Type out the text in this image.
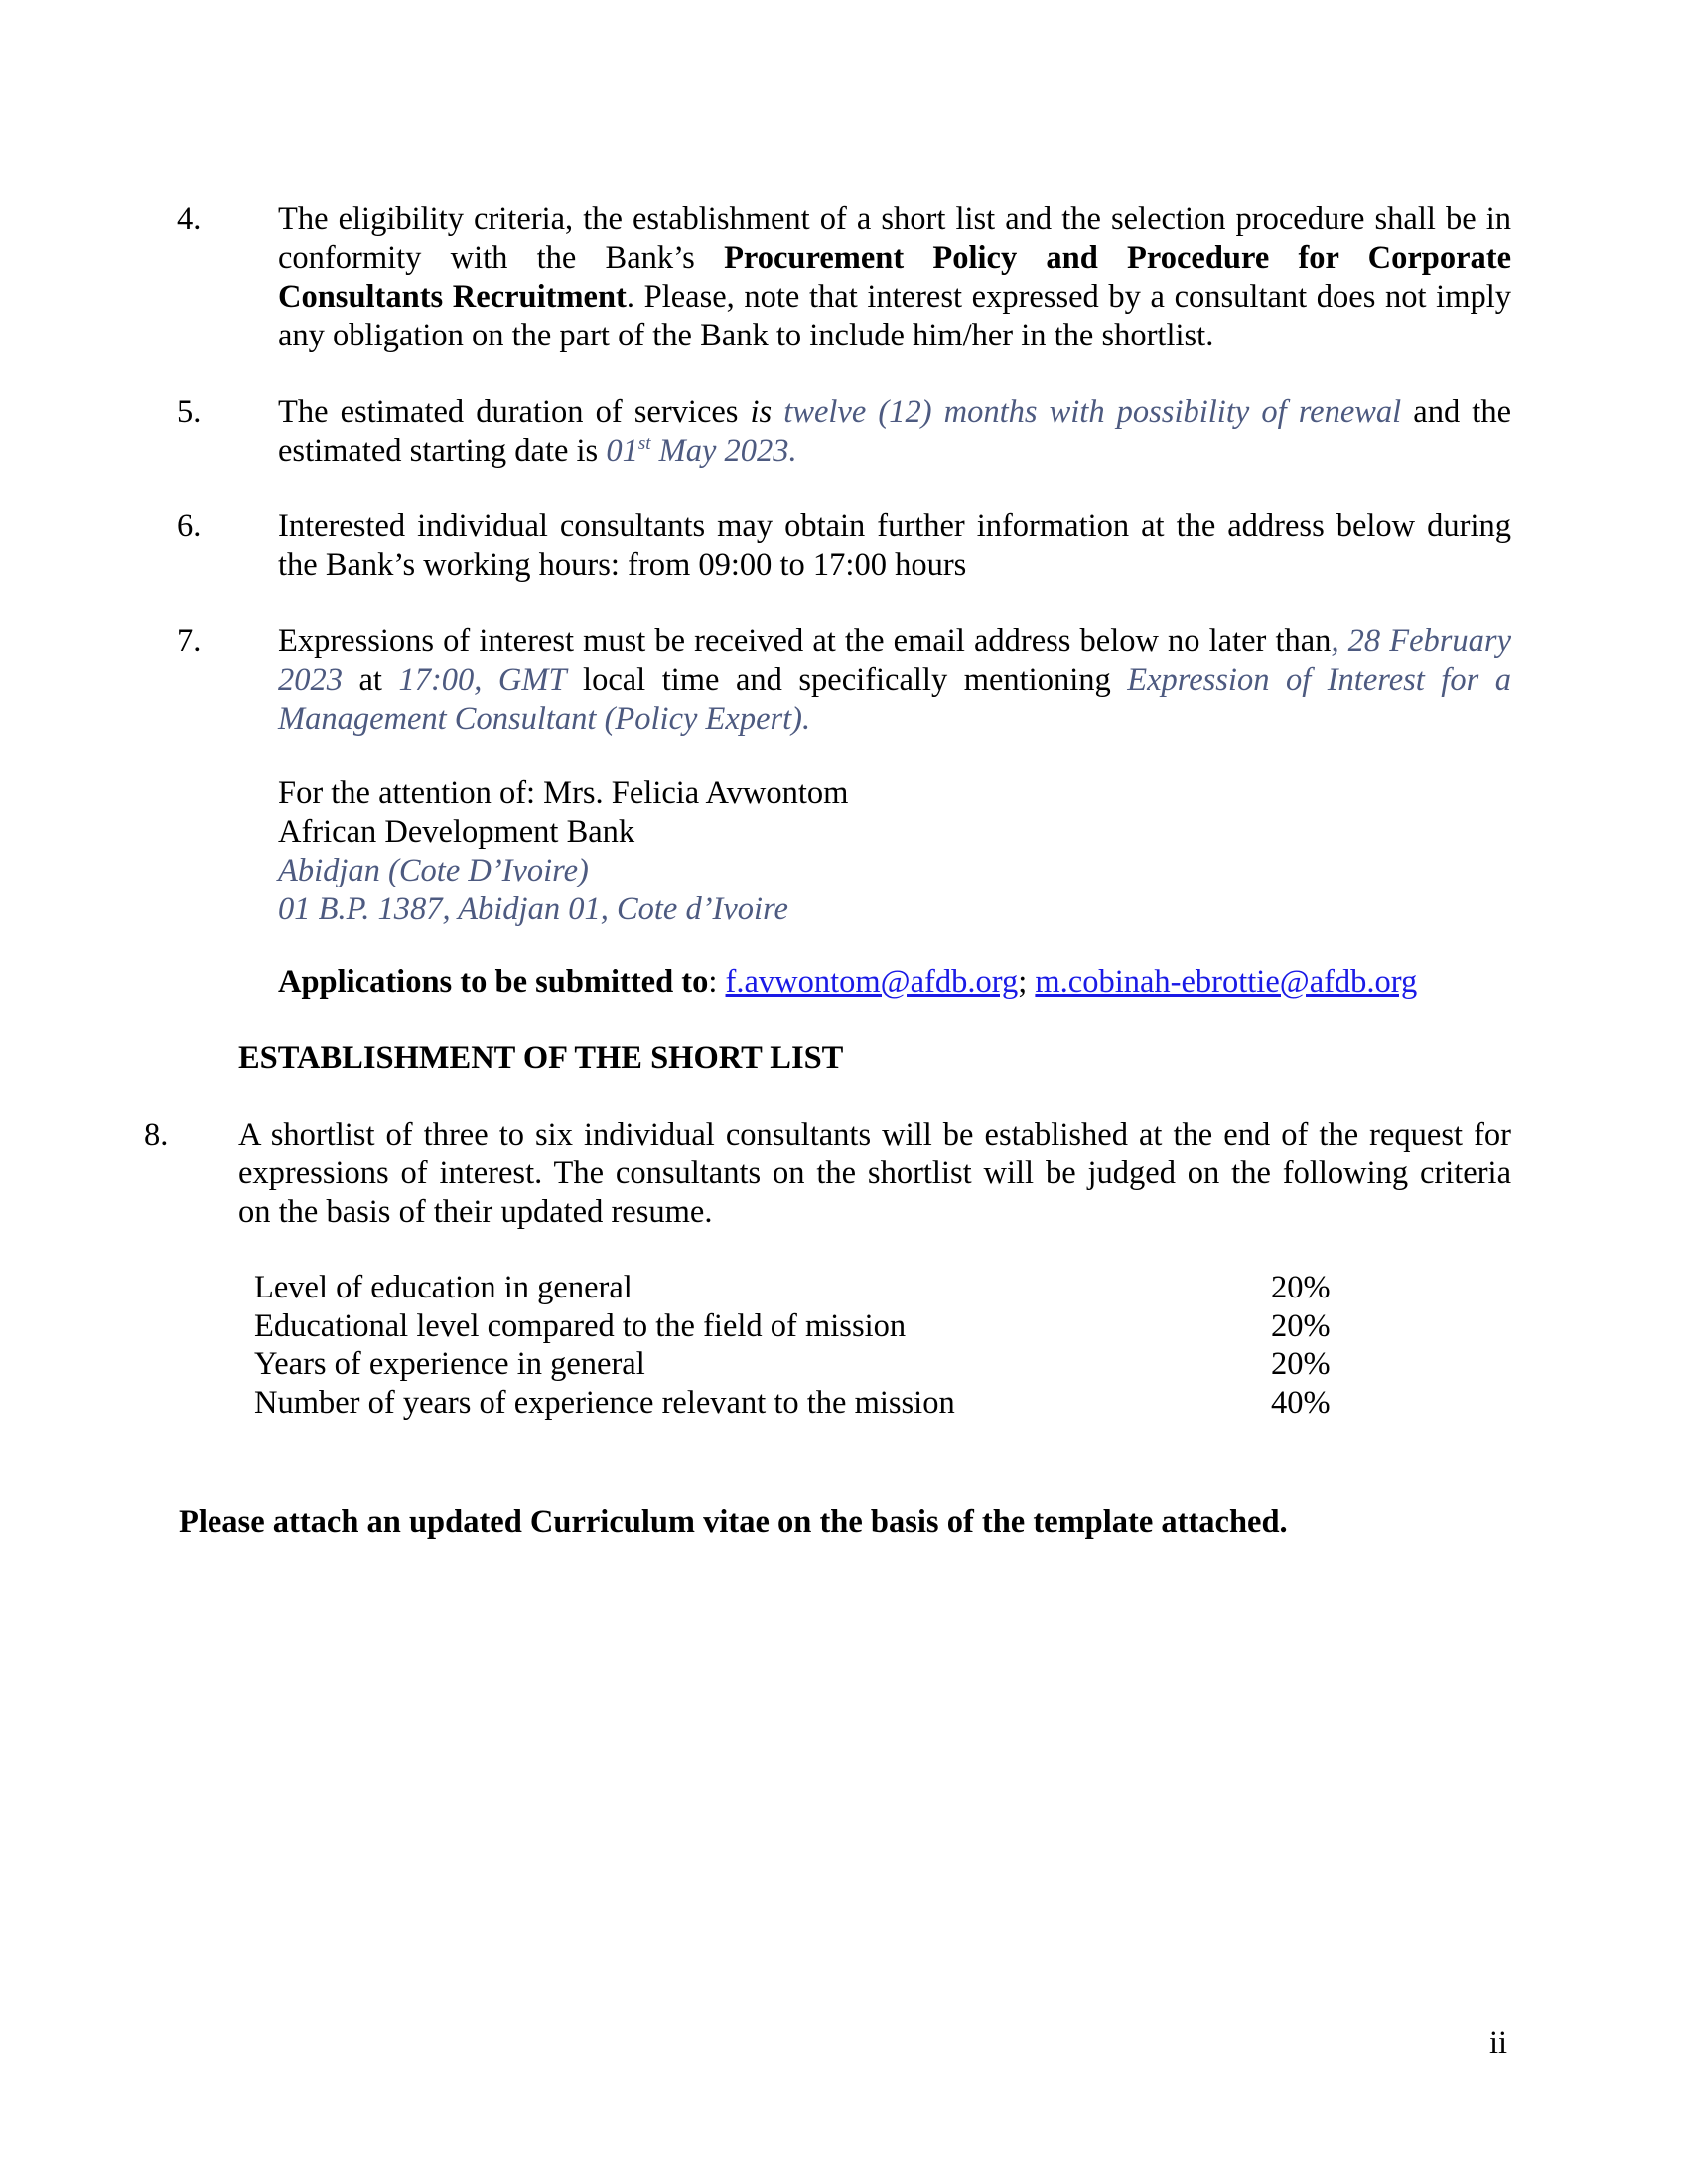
4. The eligibility criteria, the establishment of a short list and the selection procedure shall be in
conformity with the Bank’s Procurement Policy and Procedure for Corporate
Consultants Recruitment. Please, note that interest expressed by a consultant does not imply
any obligation on the part of the Bank to include him/her in the shortlist.
5. The estimated duration of services is twelve (12) months with possibility of renewal and the
estimated starting date is 01st May 2023.
6. Interested individual consultants may obtain further information at the address below during
the Bank’s working hours: from 09:00 to 17:00 hours
7. Expressions of interest must be received at the email address below no later than, 28 February
2023 at 17:00, GMT local time and specifically mentioning Expression of Interest for a
Management Consultant (Policy Expert).
For the attention of: Mrs. Felicia Avwontom
African Development Bank
Abidjan (Cote D’Ivoire)
01 B.P. 1387, Abidjan 01, Cote d’Ivoire
Applications to be submitted to: f.avwontom@afdb.org; m.cobinah-ebrottie@afdb.org
ESTABLISHMENT OF THE SHORT LIST
8. A shortlist of three to six individual consultants will be established at the end of the request for
expressions of interest. The consultants on the shortlist will be judged on the following criteria
on the basis of their updated resume.
Level of education in general	20%
Educational level compared to the field of mission	20%
Years of experience in general	20%
Number of years of experience relevant to the mission	40%
Please attach an updated Curriculum vitae on the basis of the template attached.
ii
